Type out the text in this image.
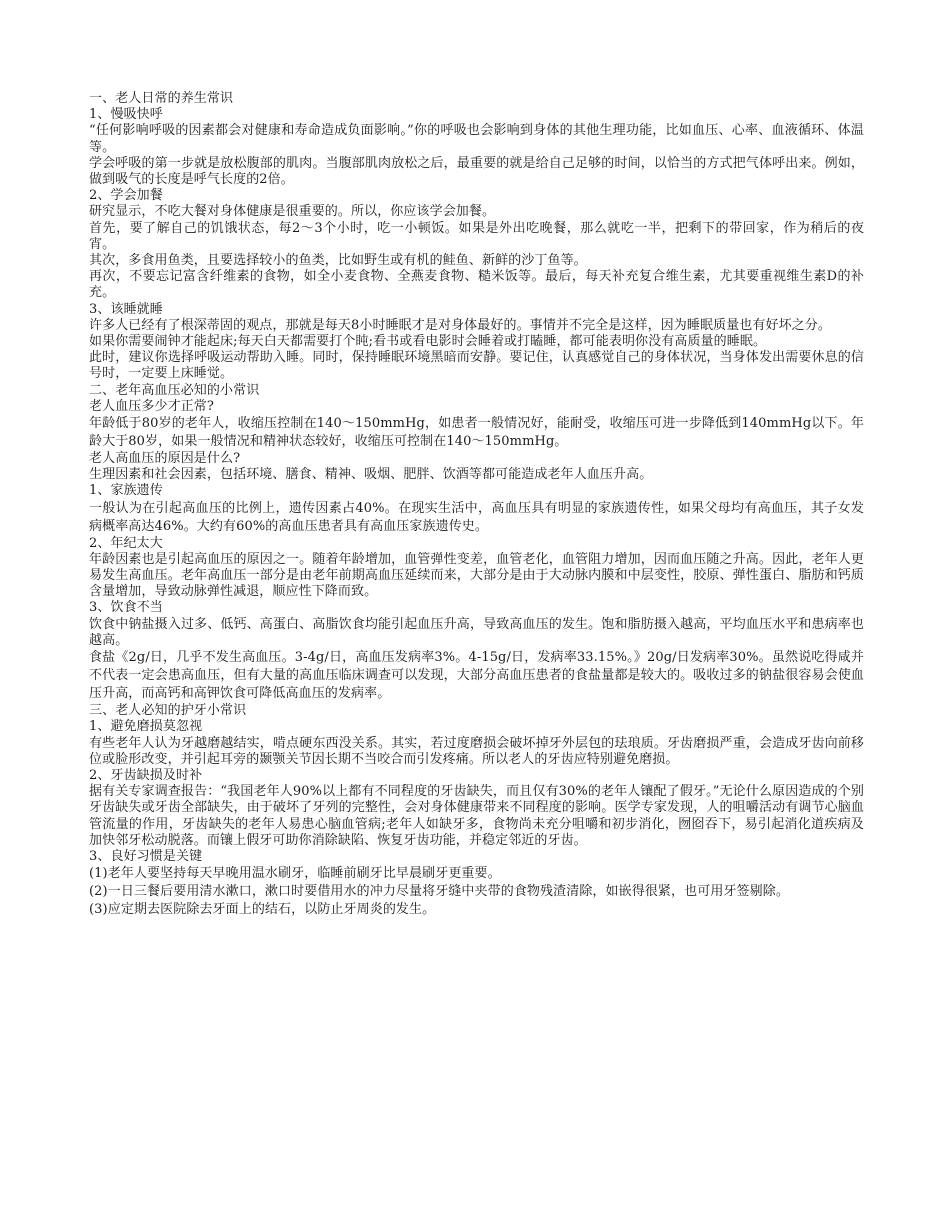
一、老人日常的养生常识

1、慢吸快呼

“任何影响呼吸的因素都会对健康和寿命造成负面影响。”你的呼吸也会影响到身体的其他生理功能，比如血压、心率、血液循环、体温等。

学会呼吸的第一步就是放松腹部的肌肉。当腹部肌肉放松之后，最重要的就是给自己足够的时间，以恰当的方式把气体呼出来。例如，做到吸气的长度是呼气长度的2倍。

2、学会加餐

研究显示，不吃大餐对身体健康是很重要的。所以，你应该学会加餐。

首先，要了解自己的饥饿状态，每2～3个小时，吃一小顿饭。如果是外出吃晚餐，那么就吃一半，把剩下的带回家，作为稍后的夜宵。

其次，多食用鱼类，且要选择较小的鱼类，比如野生或有机的鲑鱼、新鲜的沙丁鱼等。

再次，不要忘记富含纤维素的食物，如全小麦食物、全燕麦食物、糙米饭等。最后，每天补充复合维生素，尤其要重视维生素D的补充。

3、该睡就睡

许多人已经有了根深蒂固的观点，那就是每天8小时睡眠才是对身体最好的。事情并不完全是这样，因为睡眠质量也有好坏之分。

如果你需要闹钟才能起床;每天白天都需要打个盹;看书或看电影时会睡着或打瞌睡，都可能表明你没有高质量的睡眠。

此时，建议你选择呼吸运动帮助入睡。同时，保持睡眠环境黑暗而安静。要记住，认真感觉自己的身体状况，当身体发出需要休息的信号时，一定要上床睡觉。

二、老年高血压必知的小常识

老人血压多少才正常?

年龄低于80岁的老年人，收缩压控制在140～150mmHg，如患者一般情况好，能耐受，收缩压可进一步降低到140mmHg以下。年龄大于80岁，如果一般情况和精神状态较好，收缩压可控制在140～150mmHg。

老人高血压的原因是什么?

生理因素和社会因素，包括环境、膳食、精神、吸烟、肥胖、饮酒等都可能造成老年人血压升高。

1、家族遗传

一般认为在引起高血压的比例上，遗传因素占40%。在现实生活中，高血压具有明显的家族遗传性，如果父母均有高血压，其子女发病概率高达46%。大约有60%的高血压患者具有高血压家族遗传史。

2、年纪太大

年龄因素也是引起高血压的原因之一。随着年龄增加，血管弹性变差，血管老化，血管阻力增加，因而血压随之升高。因此，老年人更易发生高血压。老年高血压一部分是由老年前期高血压延续而来，大部分是由于大动脉内膜和中层变性，胶原、弹性蛋白、脂肪和钙质含量增加，导致动脉弹性减退，顺应性下降而致。

3、饮食不当

饮食中钠盐摄入过多、低钙、高蛋白、高脂饮食均能引起血压升高，导致高血压的发生。饱和脂肪摄入越高，平均血压水平和患病率也越高。

食盐《2g/日，几乎不发生高血压。3-4g/日，高血压发病率3%。4-15g/日，发病率33.15%。》20g/日发病率30%。虽然说吃得咸并不代表一定会患高血压，但有大量的高血压临床调查可以发现，大部分高血压患者的食盐量都是较大的。吸收过多的钠盐很容易会使血压升高，而高钙和高钾饮食可降低高血压的发病率。

三、老人必知的护牙小常识

1、避免磨损莫忽视

有些老年人认为牙越磨越结实，啃点硬东西没关系。其实，若过度磨损会破坏掉牙外层包的珐琅质。牙齿磨损严重，会造成牙齿向前移位或脸形改变，并引起耳旁的颞颚关节因长期不当咬合而引发疼痛。所以老人的牙齿应特别避免磨损。

2、牙齿缺损及时补

据有关专家调查报告：“我国老年人90%以上都有不同程度的牙齿缺失，而且仅有30%的老年人镶配了假牙。”无论什么原因造成的个别牙齿缺失或牙齿全部缺失，由于破坏了牙列的完整性，会对身体健康带来不同程度的影响。医学专家发现，人的咀嚼活动有调节心脑血管流量的作用，牙齿缺失的老年人易患心脑血管病;老年人如缺牙多，食物尚未充分咀嚼和初步消化，囫囵吞下，易引起消化道疾病及加快邻牙松动脱落。而镶上假牙可助你消除缺陷、恢复牙齿功能，并稳定邻近的牙齿。

3、良好习惯是关键

(1)老年人要坚持每天早晚用温水刷牙，临睡前刷牙比早晨刷牙更重要。

(2)一日三餐后要用清水漱口，漱口时要借用水的冲力尽量将牙缝中夹带的食物残渣清除，如嵌得很紧，也可用牙签剔除。

(3)应定期去医院除去牙面上的结石，以防止牙周炎的发生。
